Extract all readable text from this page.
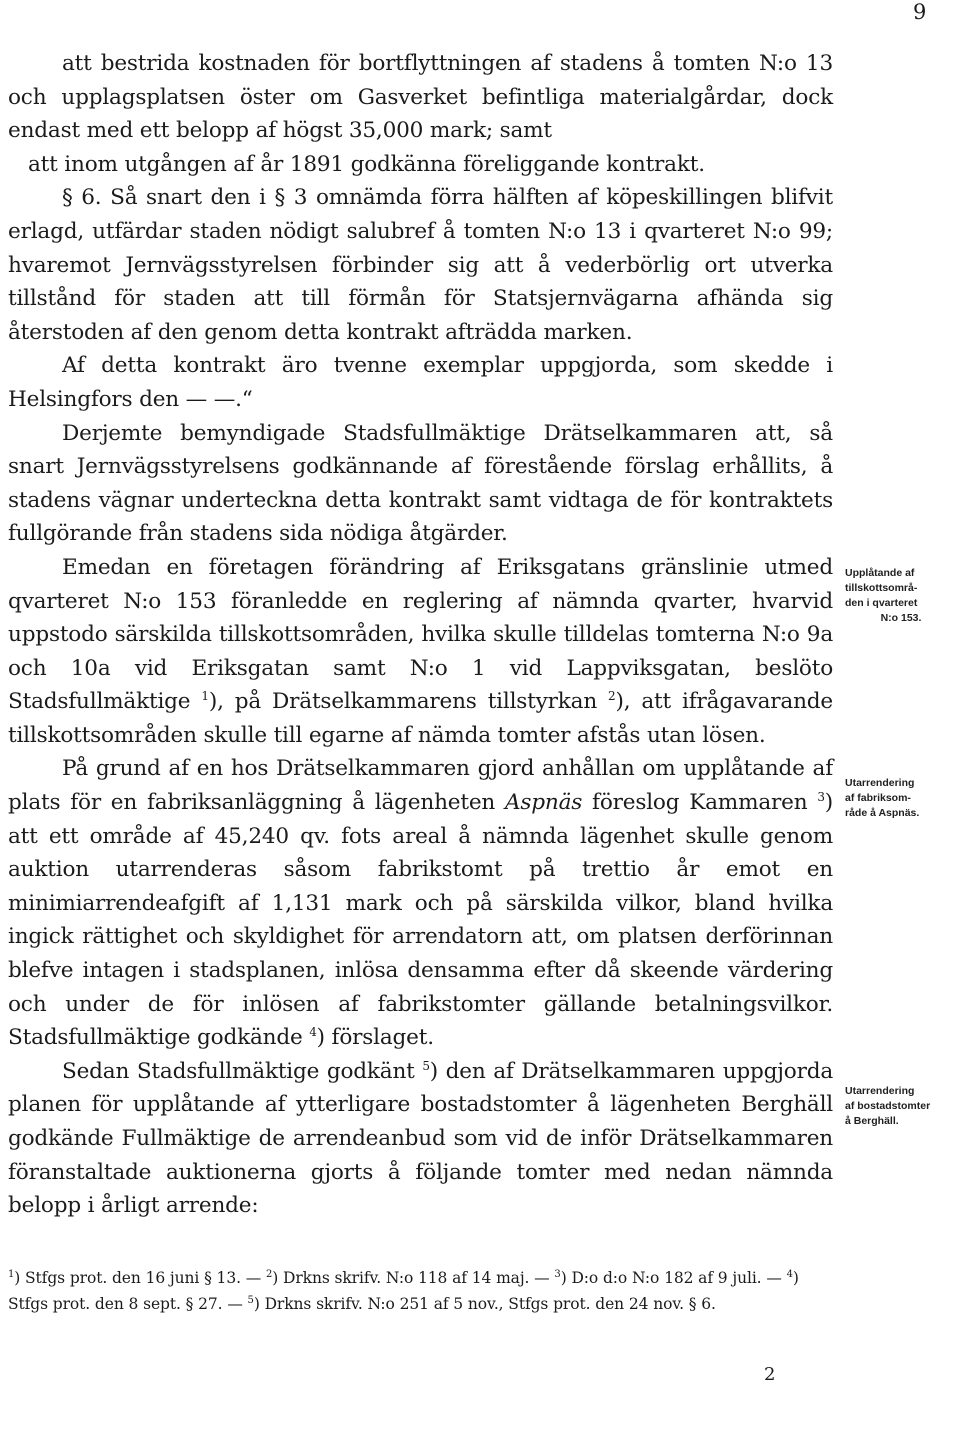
9

att bestrida kostnaden för bortflyttningen af stadens å tomten N:o 13 och upplagsplatsen öster om Gasverket befintliga materialgårdar, dock endast med ett belopp af högst 35,000 mark; samt

att inom utgången af år 1891 godkänna föreliggande kontrakt.

§ 6. Så snart den i § 3 omnämda förra hälften af köpeskillingen blifvit erlagd, utfärdar staden nödigt salubref å tomten N:o 13 i qvarteret N:o 99; hvaremot Jernvägsstyrelsen förbinder sig att å vederbörlig ort utverka tillstånd för staden att till förmån för Statsjernvägarna afhända sig återstoden af den genom detta kontrakt afträdda marken.

Af detta kontrakt äro tvenne exemplar uppgjorda, som skedde i Helsingfors den — —.“

Derjemte bemyndigade Stadsfullmäktige Drätselkammaren att, så snart Jernvägsstyrelsens godkännande af förestående förslag erhållits, å stadens vägnar underteckna detta kontrakt samt vidtaga de för kontraktets fullgörande från stadens sida nödiga åtgärder.

Emedan en företagen förändring af Eriksgatans gränslinie utmed qvarteret N:o 153 föranledde en reglering af nämnda qvarter, hvarvid uppstodo särskilda tillskottsområden, hvilka skulle tilldelas tomterna N:o 9a och 10a vid Eriksgatan samt N:o 1 vid Lappviksgatan, beslöto Stadsfullmäktige $^1$), på Drätselkammarens tillstyrkan $^2$), att ifrågavarande tillskottsområden skulle till egarne af nämda tomter afstås utan lösen.

På grund af en hos Drätselkammaren gjord anhållan om upplåtande af plats för en fabriksanläggning å lägenheten Aspnäs föreslog Kammaren $^3$) att ett område af 45,240 qv. fots areal å nämnda lägenhet skulle genom auktion utarrenderas såsom fabrikstomt på trettio år emot en minimiarrendeafgift af 1,131 mark och på särskilda vilkor, bland hvilka ingick rättighet och skyldighet för arrendatorn att, om platsen derförinnan blefve intagen i stadsplanen, inlösa densamma efter då skeende värdering och under de för inlösen af fabrikstomter gällande betalningsvilkor. Stadsfullmäktige godkände $^4$) förslaget.

Sedan Stadsfullmäktige godkänt $^5$) den af Drätselkammaren uppgjorda planen för upplåtande af ytterligare bostadstomter å lägenheten Berghäll godkände Fullmäktige de arrendeanbud som vid de inför Drätselkammaren föranstaltade auktionerna gjorts å följande tomter med nedan nämnda belopp i årligt arrende:

Upplåtande af
tillskottsområ-
den i qvarteret
N:o 153.
Utarrendering
af fabriksom-
råde å Aspnäs.
Utarrendering
af bostadstomter
å Berghäll.
$^1$) Stfgs prot. den 16 juni § 13. — $^2$) Drkns skrifv. N:o 118 af 14 maj. — $^3$) D:o d:o N:o 182 af 9 juli. — $^4$) Stfgs prot. den 8 sept. § 27. — $^5$) Drkns skrifv. N:o 251 af 5 nov., Stfgs prot. den 24 nov. § 6.
2
